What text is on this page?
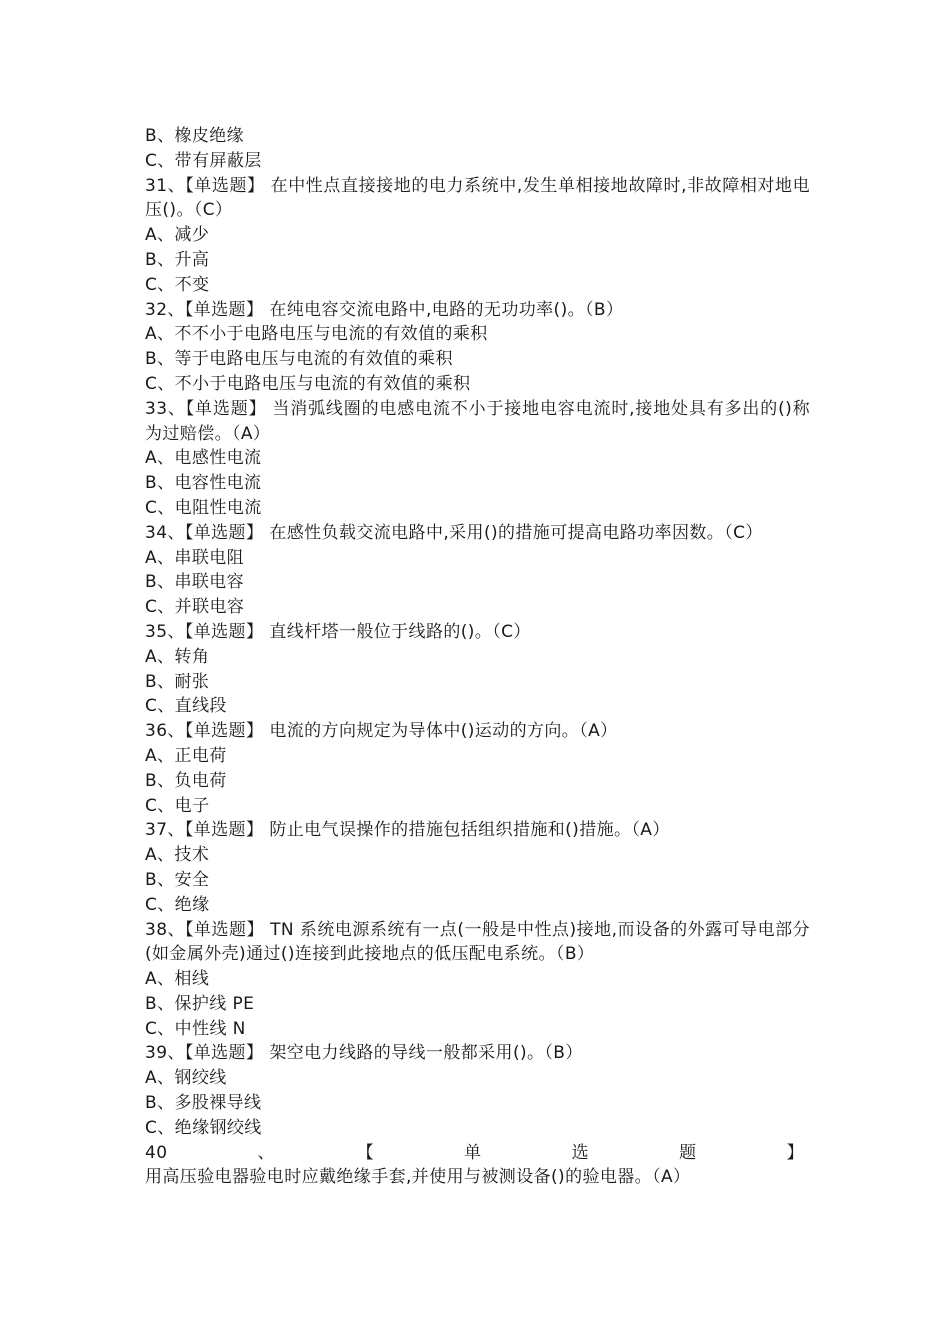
B、橡皮绝缘
C、带有屏蔽层
31、【单选题】 在中性点直接接地的电力系统中,发生单相接地故障时,非故障相对地电压()。（C）
A、减少
B、升高
C、不变
32、【单选题】 在纯电容交流电路中,电路的无功功率()。（B）
A、不不小于电路电压与电流的有效值的乘积
B、等于电路电压与电流的有效值的乘积
C、不小于电路电压与电流的有效值的乘积
33、【单选题】 当消弧线圈的电感电流不小于接地电容电流时,接地处具有多出的()称为过赔偿。（A）
A、电感性电流
B、电容性电流
C、电阻性电流
34、【单选题】 在感性负载交流电路中,采用()的措施可提高电路功率因数。（C）
A、串联电阻
B、串联电容
C、并联电容
35、【单选题】 直线杆塔一般位于线路的()。（C）
A、转角
B、耐张
C、直线段
36、【单选题】 电流的方向规定为导体中()运动的方向。（A）
A、正电荷
B、负电荷
C、电子
37、【单选题】 防止电气误操作的措施包括组织措施和()措施。（A）
A、技术
B、安全
C、绝缘
38、【单选题】 TN 系统电源系统有一点(一般是中性点)接地,而设备的外露可导电部分(如金属外壳)通过()连接到此接地点的低压配电系统。（B）
A、相线
B、保护线 PE
C、中性线 N
39、【单选题】 架空电力线路的导线一般都采用()。（B）
A、钢绞线
B、多股裸导线
C、绝缘钢绞线
40、【单选题】用高压验电器验电时应戴绝缘手套,并使用与被测设备()的验电器。（A）
